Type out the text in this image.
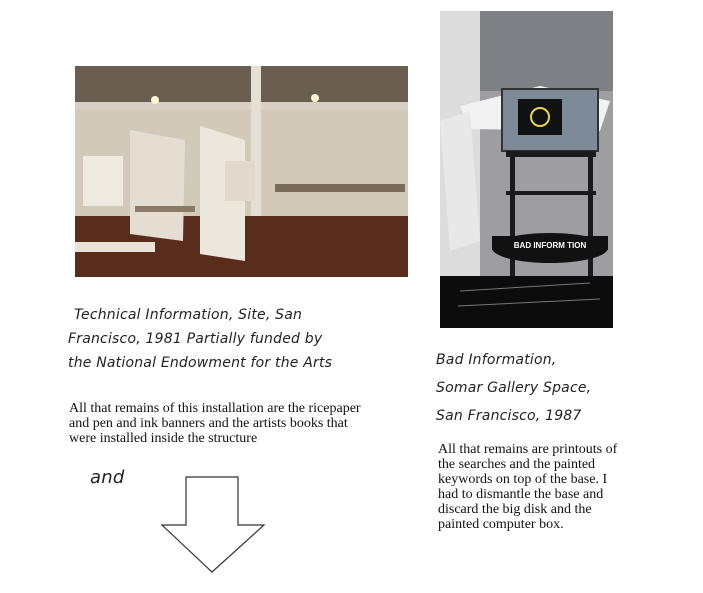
BAD INFORM TION
Technical Information, Site, San
Francisco, 1981 Partially funded by
the National Endowment for the Arts
All that remains of this installation are the ricepaper and pen and ink banners and the artists books that were installed inside the structure
and
Bad Information,
Somar Gallery Space,
San Francisco, 1987
All that remains are printouts of the searches and the painted keywords on top of the base. I had to dismantle the base and discard the big disk and the painted computer box.
